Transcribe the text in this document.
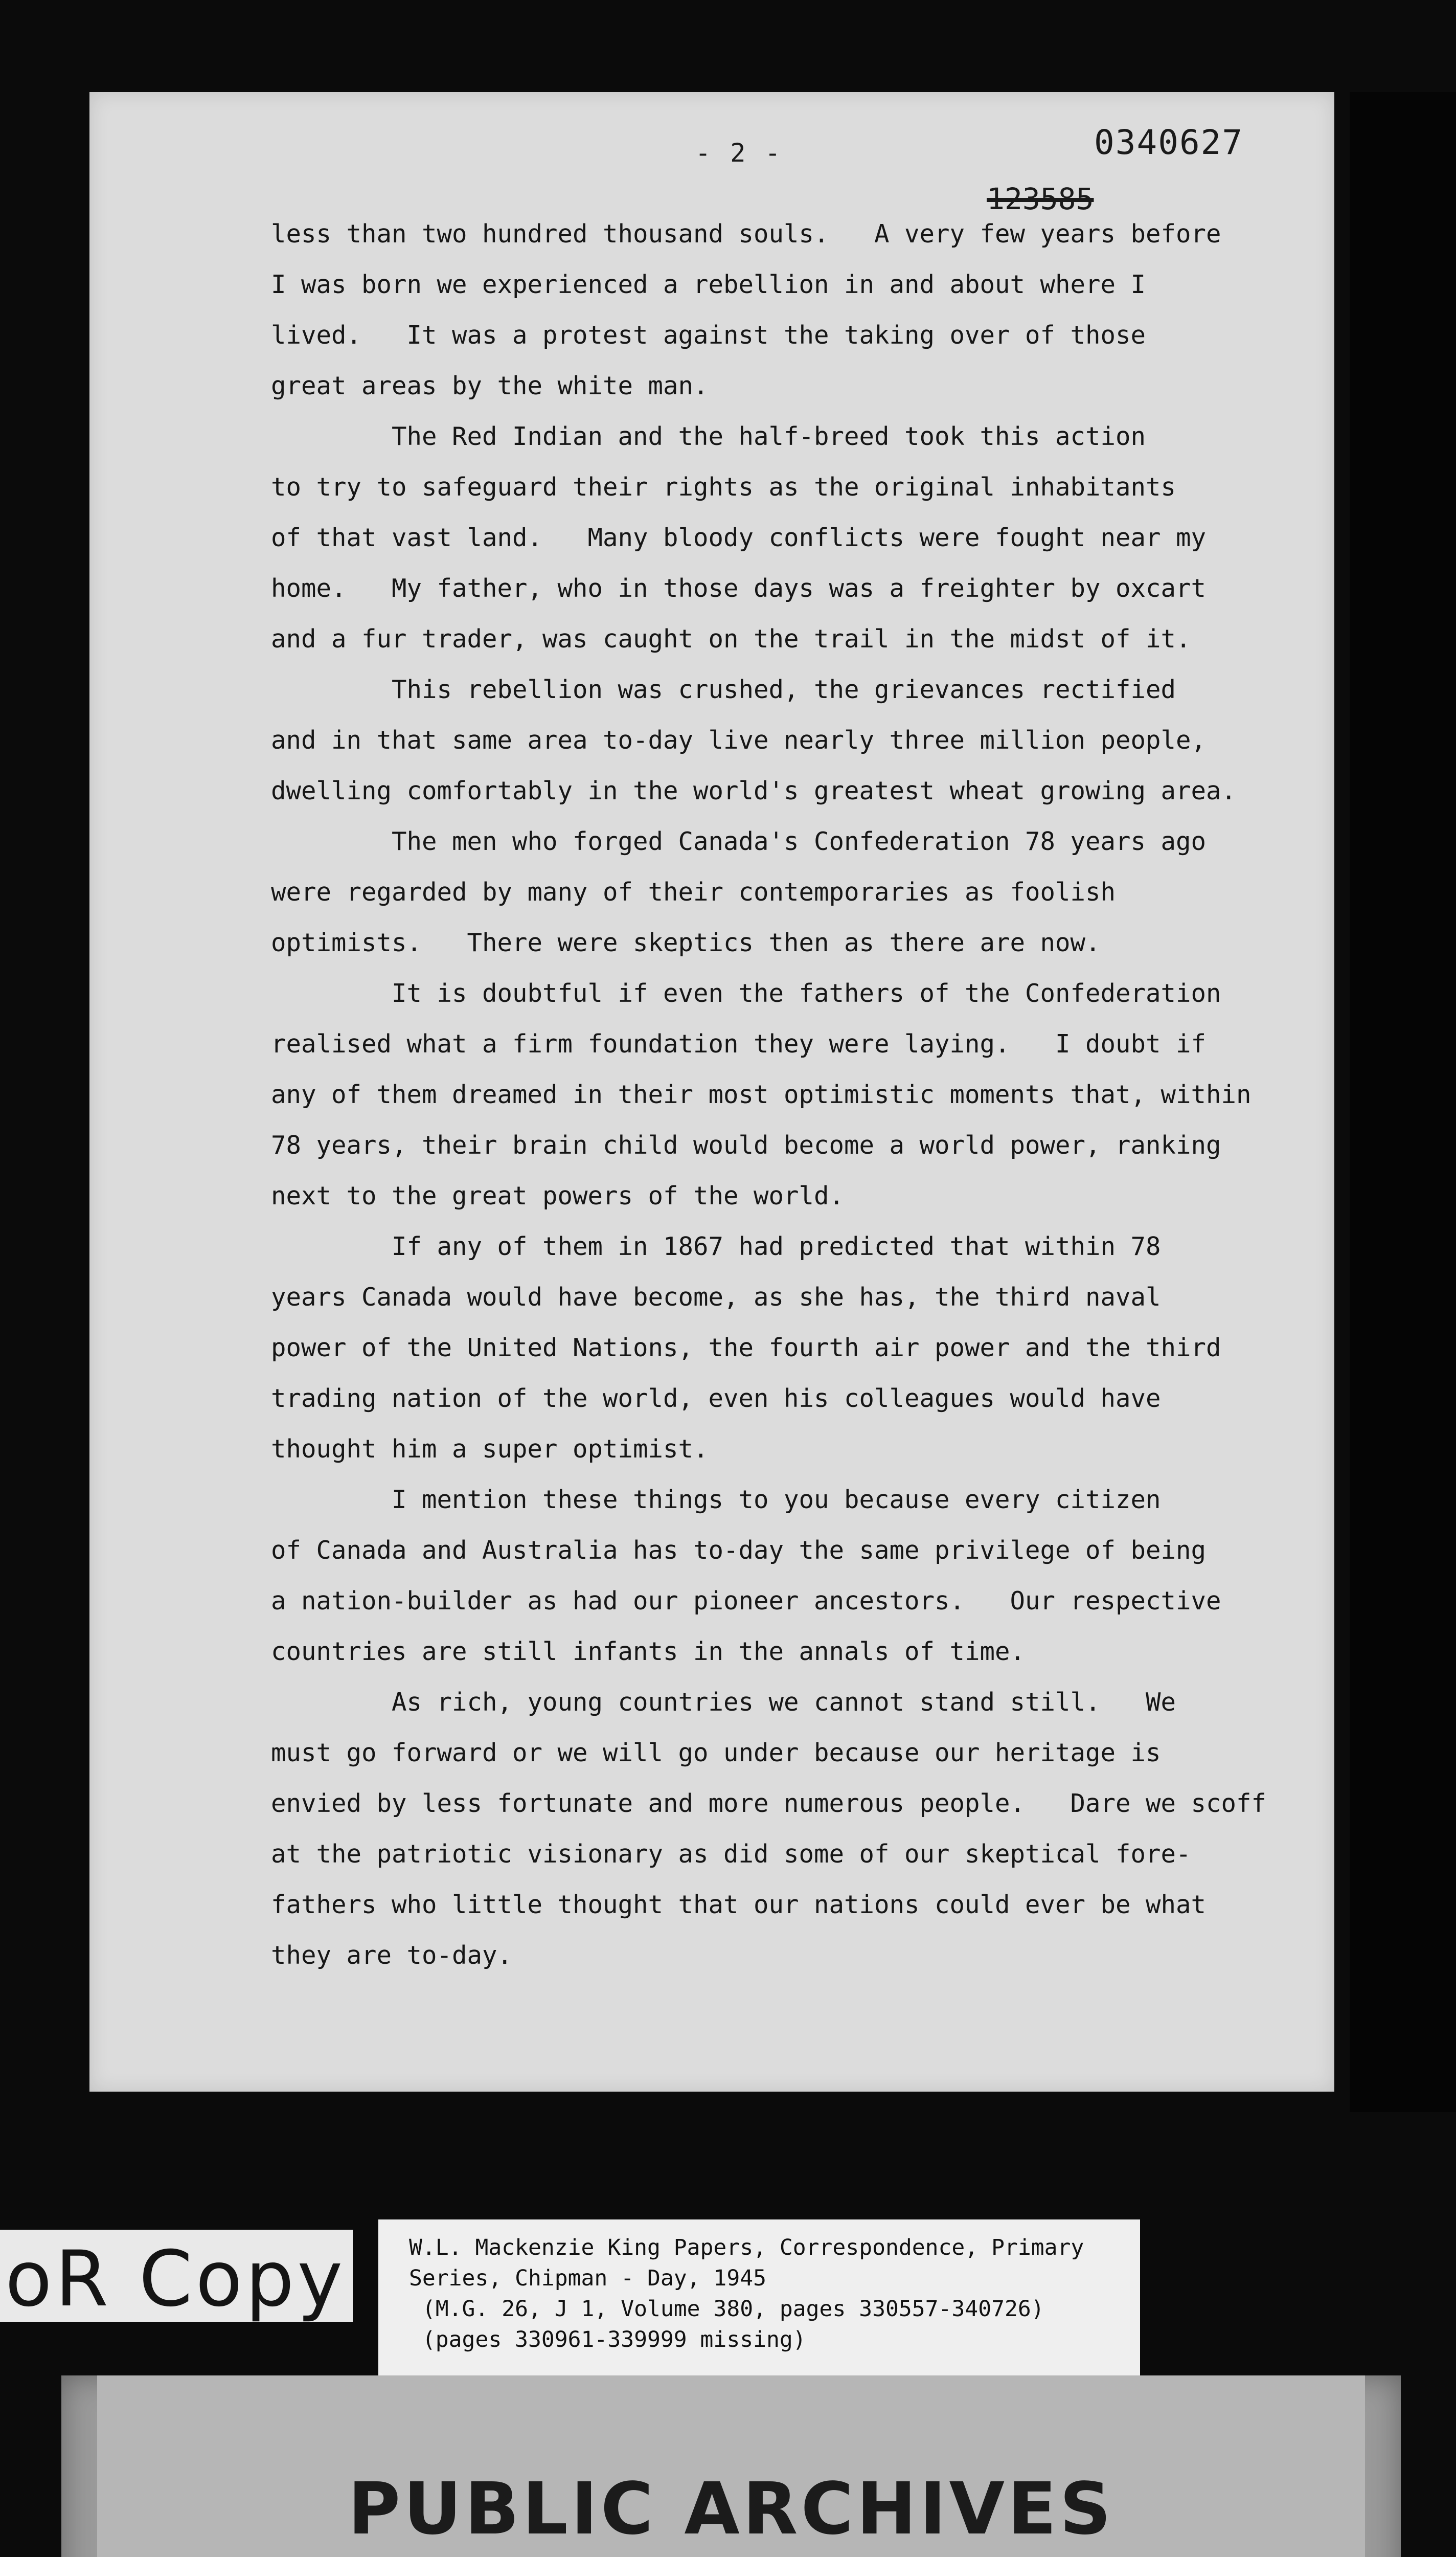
- 2 -	0340627
123585
less than two hundred thousand souls.   A very few years before
I was born we experienced a rebellion in and about where I
lived.   It was a protest against the taking over of those
great areas by the white man.
The Red Indian and the half-breed took this action
to try to safeguard their rights as the original inhabitants
of that vast land.   Many bloody conflicts were fought near my
home.   My father, who in those days was a freighter by oxcart
and a fur trader, was caught on the trail in the midst of it.
This rebellion was crushed, the grievances rectified
and in that same area to-day live nearly three million people,
dwelling comfortably in the world's greatest wheat growing area.
The men who forged Canada's Confederation 78 years ago
were regarded by many of their contemporaries as foolish
optimists.   There were skeptics then as there are now.
It is doubtful if even the fathers of the Confederation
realised what a firm foundation they were laying.   I doubt if
any of them dreamed in their most optimistic moments that, within
78 years, their brain child would become a world power, ranking
next to the great powers of the world.
If any of them in 1867 had predicted that within 78
years Canada would have become, as she has, the third naval
power of the United Nations, the fourth air power and the third
trading nation of the world, even his colleagues would have
thought him a super optimist.
I mention these things to you because every citizen
of Canada and Australia has to-day the same privilege of being
a nation-builder as had our pioneer ancestors.   Our respective
countries are still infants in the annals of time.
As rich, young countries we cannot stand still.   We
must go forward or we will go under because our heritage is
envied by less fortunate and more numerous people.   Dare we scoff
at the patriotic visionary as did some of our skeptical fore-
fathers who little thought that our nations could ever be what
they are to-day.
oR Copy	W.L. Mackenzie King Papers, Correspondence, Primary
Series, Chipman - Day, 1945
(M.G. 26, J 1, Volume 380, pages 330557-340726)
(pages 330961-339999 missing)
PUBLIC ARCHIVES
